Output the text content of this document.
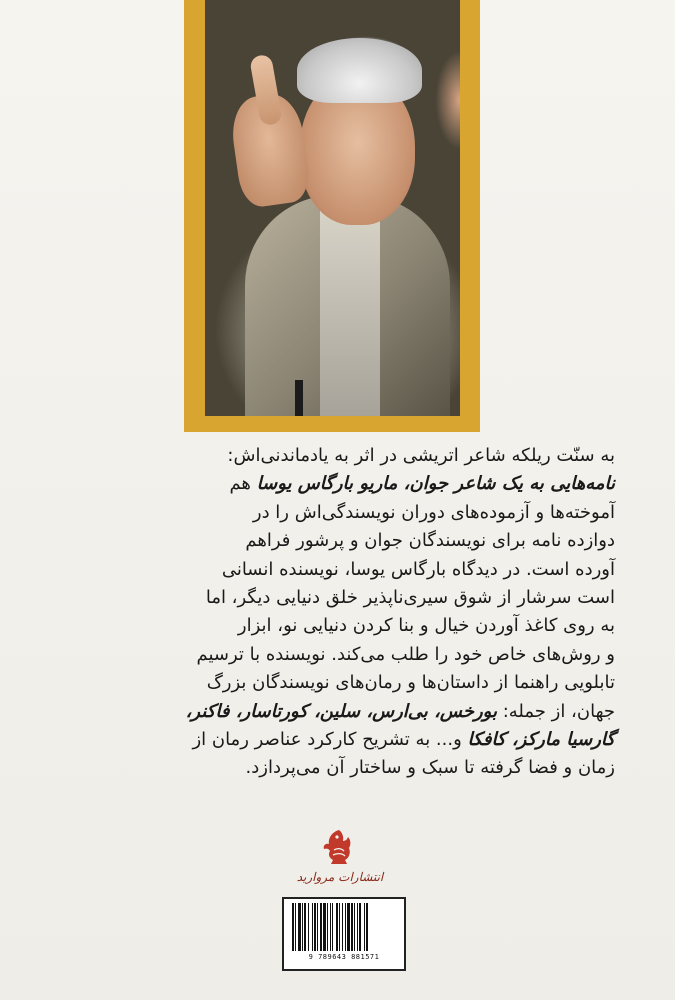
به سنّت ریلکه شاعر اتریشی در اثر به یادماندنی‌اش:

نامه‌هایی به یک شاعر جوان، ماریو بارگاس یوسا هم

آموخته‌ها و آزموده‌های دوران نویسندگی‌اش را در

دوازده نامه برای نویسندگان جوان و پرشور فراهم

آورده است. در دیدگاه بارگاس یوسا، نویسنده انسانی

است سرشار از شوق سیری‌ناپذیر خلق دنیایی دیگر، اما

به روی کاغذ آوردن خیال و بنا کردن دنیایی نو، ابزار

و روش‌های خاص خود را طلب می‌کند. نویسنده با ترسیم

تابلویی راهنما از داستان‌ها و رمان‌های نویسندگان بزرگ

جهان، از جمله: بورخس، بی‌ارس، سلین، کورتاسار، فاکنر،

گارسیا مارکز، کافکا و... به تشریح کارکرد عناصر رمان از

زمان و فضا گرفته تا سبک و ساختار آن می‌پردازد.

انتشارات مروارید
9 789643 881571
